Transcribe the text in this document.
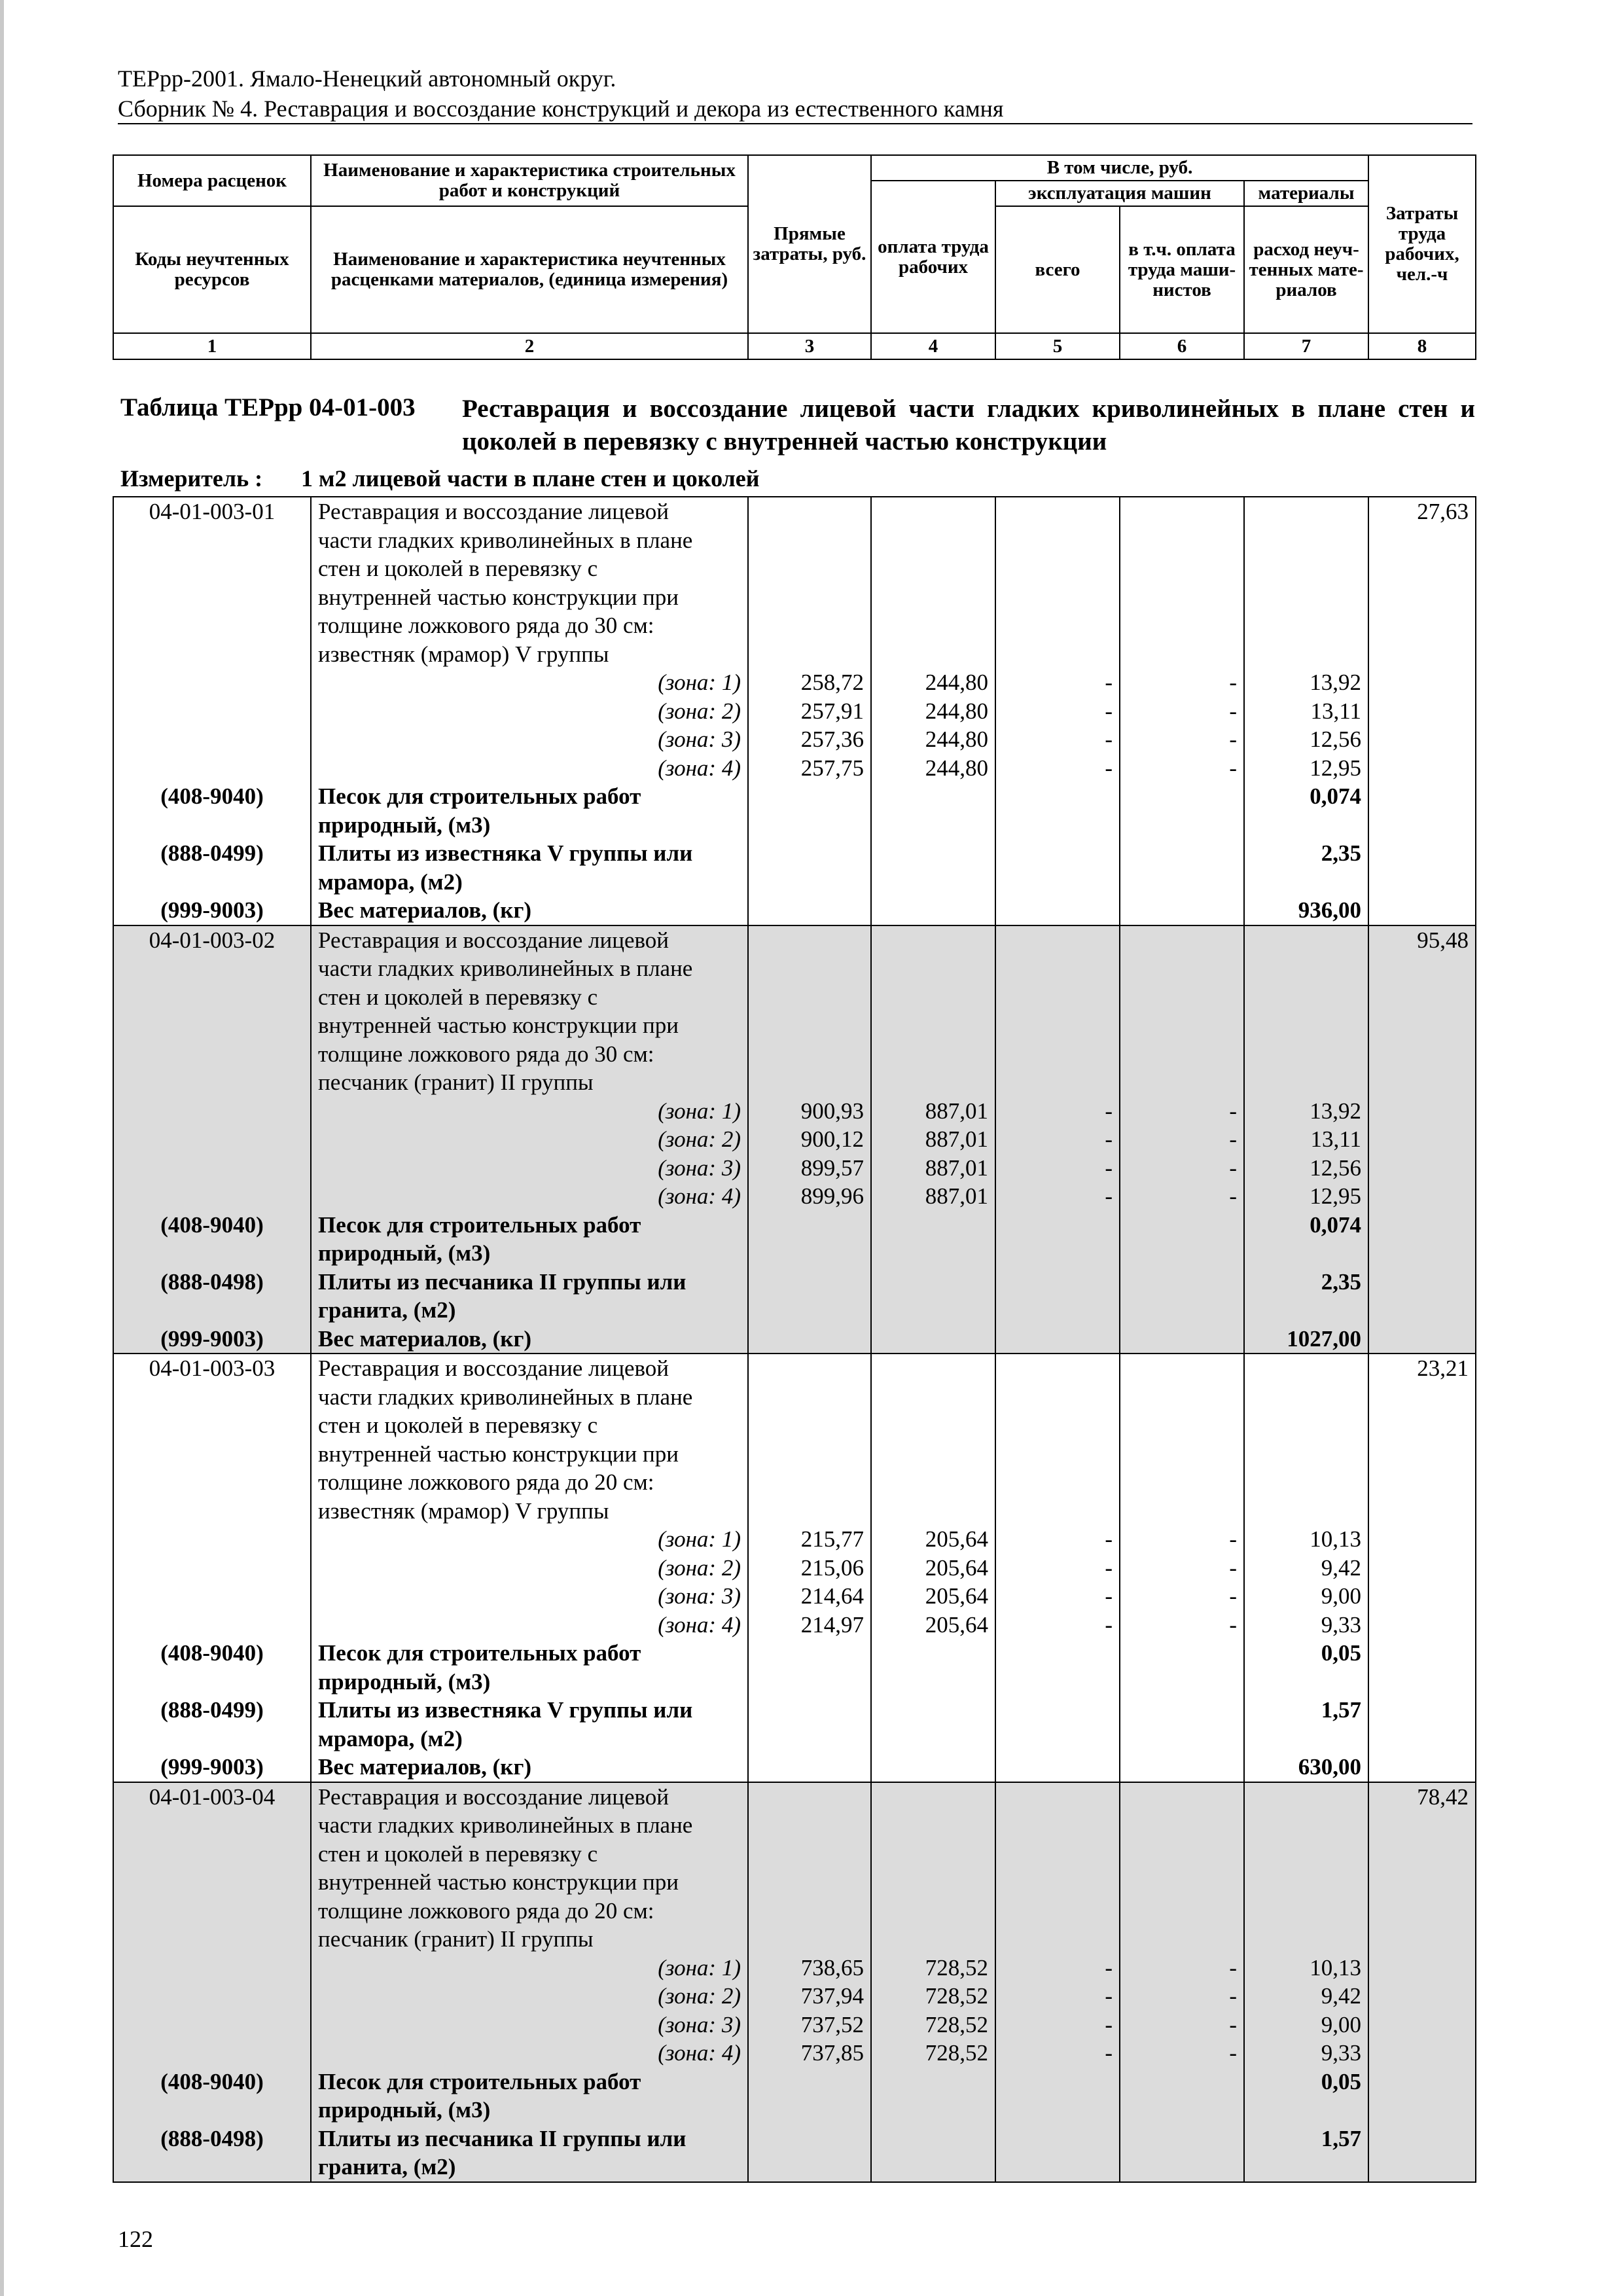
ТЕРрр-2001. Ямало-Ненецкий автономный округ.
Сборник № 4. Реставрация и воссоздание конструкций и декора из естественного камня
Номера расценок	Наименование и характеристика строительных работ и конструкций	Прямые затраты, руб.	В том числе, руб.				Затраты труда рабочих, чел.-ч
			оплата труда рабочих	эксплуатация машин		материалы	
Коды неучтенных ресурсов	Наименование и характеристика неучтенных расценками материалов, (единица измерения)			всего	в т.ч. оплата труда маши- нистов	расход неуч- тенных мате- риалов	
1	2	3	4	5	6	7	8
Таблица ТЕРрр 04-01-003 Реставрация и воссоздание лицевой части гладких криволинейных в плане стен и цоколей в перевязку с внутренней частью конструкции
Измеритель : 1 м2 лицевой части в плане стен и цоколей
04-01-003-01	Реставрация и воссоздание лицевой						27,63
	части гладких криволинейных в плане						
	стен и цоколей в перевязку с						
	внутренней частью конструкции при						
	толщине ложкового ряда до 30 см:						
	известняк (мрамор) V группы						
	(зона: 1)	258,72	244,80	-	-	13,92	
	(зона: 2)	257,91	244,80	-	-	13,11	
	(зона: 3)	257,36	244,80	-	-	12,56	
	(зона: 4)	257,75	244,80	-	-	12,95	
(408-9040)	Песок для строительных работ					0,074	
	природный, (м3)						
(888-0499)	Плиты из известняка V группы или					2,35	
	мрамора, (м2)						
(999-9003)	Вес материалов, (кг)					936,00	
04-01-003-02	Реставрация и воссоздание лицевой						95,48
	части гладких криволинейных в плане						
	стен и цоколей в перевязку с						
	внутренней частью конструкции при						
	толщине ложкового ряда до 30 см:						
	песчаник (гранит) II группы						
	(зона: 1)	900,93	887,01	-	-	13,92	
	(зона: 2)	900,12	887,01	-	-	13,11	
	(зона: 3)	899,57	887,01	-	-	12,56	
	(зона: 4)	899,96	887,01	-	-	12,95	
(408-9040)	Песок для строительных работ					0,074	
	природный, (м3)						
(888-0498)	Плиты из песчаника II группы или					2,35	
	гранита, (м2)						
(999-9003)	Вес материалов, (кг)					1027,00	
04-01-003-03	Реставрация и воссоздание лицевой						23,21
	части гладких криволинейных в плане						
	стен и цоколей в перевязку с						
	внутренней частью конструкции при						
	толщине ложкового ряда до 20 см:						
	известняк (мрамор) V группы						
	(зона: 1)	215,77	205,64	-	-	10,13	
	(зона: 2)	215,06	205,64	-	-	9,42	
	(зона: 3)	214,64	205,64	-	-	9,00	
	(зона: 4)	214,97	205,64	-	-	9,33	
(408-9040)	Песок для строительных работ					0,05	
	природный, (м3)						
(888-0499)	Плиты из известняка V группы или					1,57	
	мрамора, (м2)						
(999-9003)	Вес материалов, (кг)					630,00	
04-01-003-04	Реставрация и воссоздание лицевой						78,42
	части гладких криволинейных в плане						
	стен и цоколей в перевязку с						
	внутренней частью конструкции при						
	толщине ложкового ряда до 20 см:						
	песчаник (гранит) II группы						
	(зона: 1)	738,65	728,52	-	-	10,13	
	(зона: 2)	737,94	728,52	-	-	9,42	
	(зона: 3)	737,52	728,52	-	-	9,00	
	(зона: 4)	737,85	728,52	-	-	9,33	
(408-9040)	Песок для строительных работ					0,05	
	природный, (м3)						
(888-0498)	Плиты из песчаника II группы или					1,57	
	гранита, (м2)						
122
